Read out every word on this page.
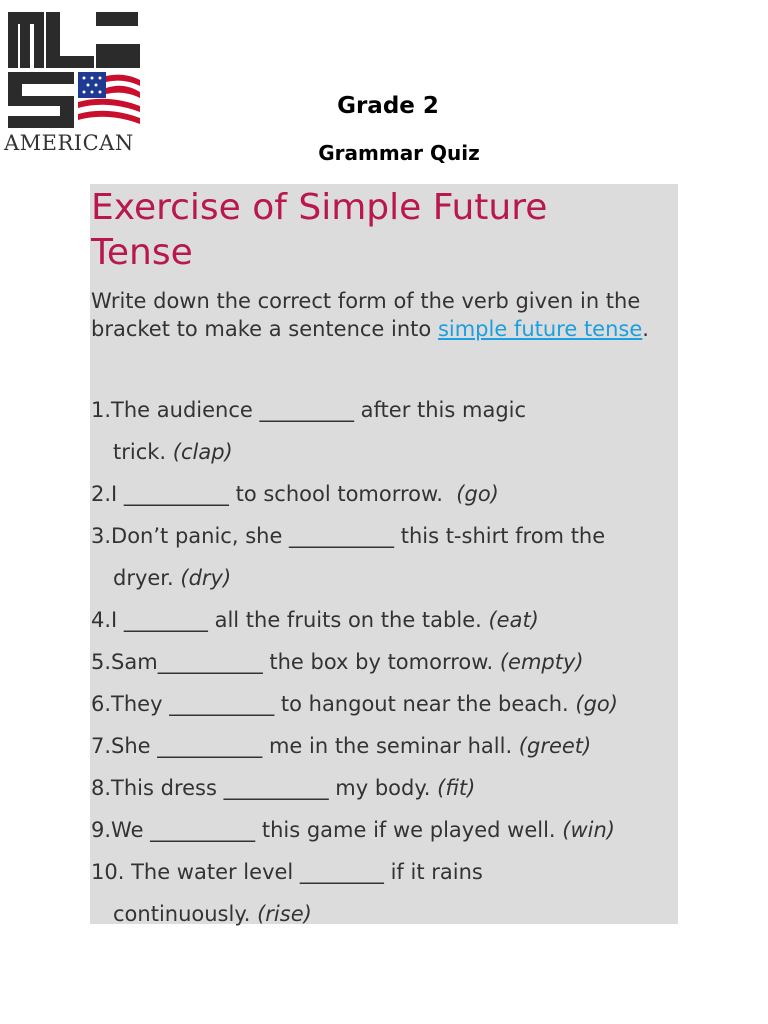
AMERICAN
Grade 2
Grammar Quiz
Exercise of Simple Future Tense

Write down the correct form of the verb given in the bracket to make a sentence into simple future tense.

1.The audience _________ after this magic
trick. (clap)
2.I __________ to school tomorrow.  (go)
3.Don’t panic, she __________ this t-shirt from the
dryer. (dry)
4.I ________ all the fruits on the table. (eat)
5.Sam__________ the box by tomorrow. (empty)
6.They __________ to hangout near the beach. (go)
7.She __________ me in the seminar hall. (greet)
8.This dress __________ my body. (fit)
9.We __________ this game if we played well. (win)
10. The water level ________ if it rains
continuously. (rise)
